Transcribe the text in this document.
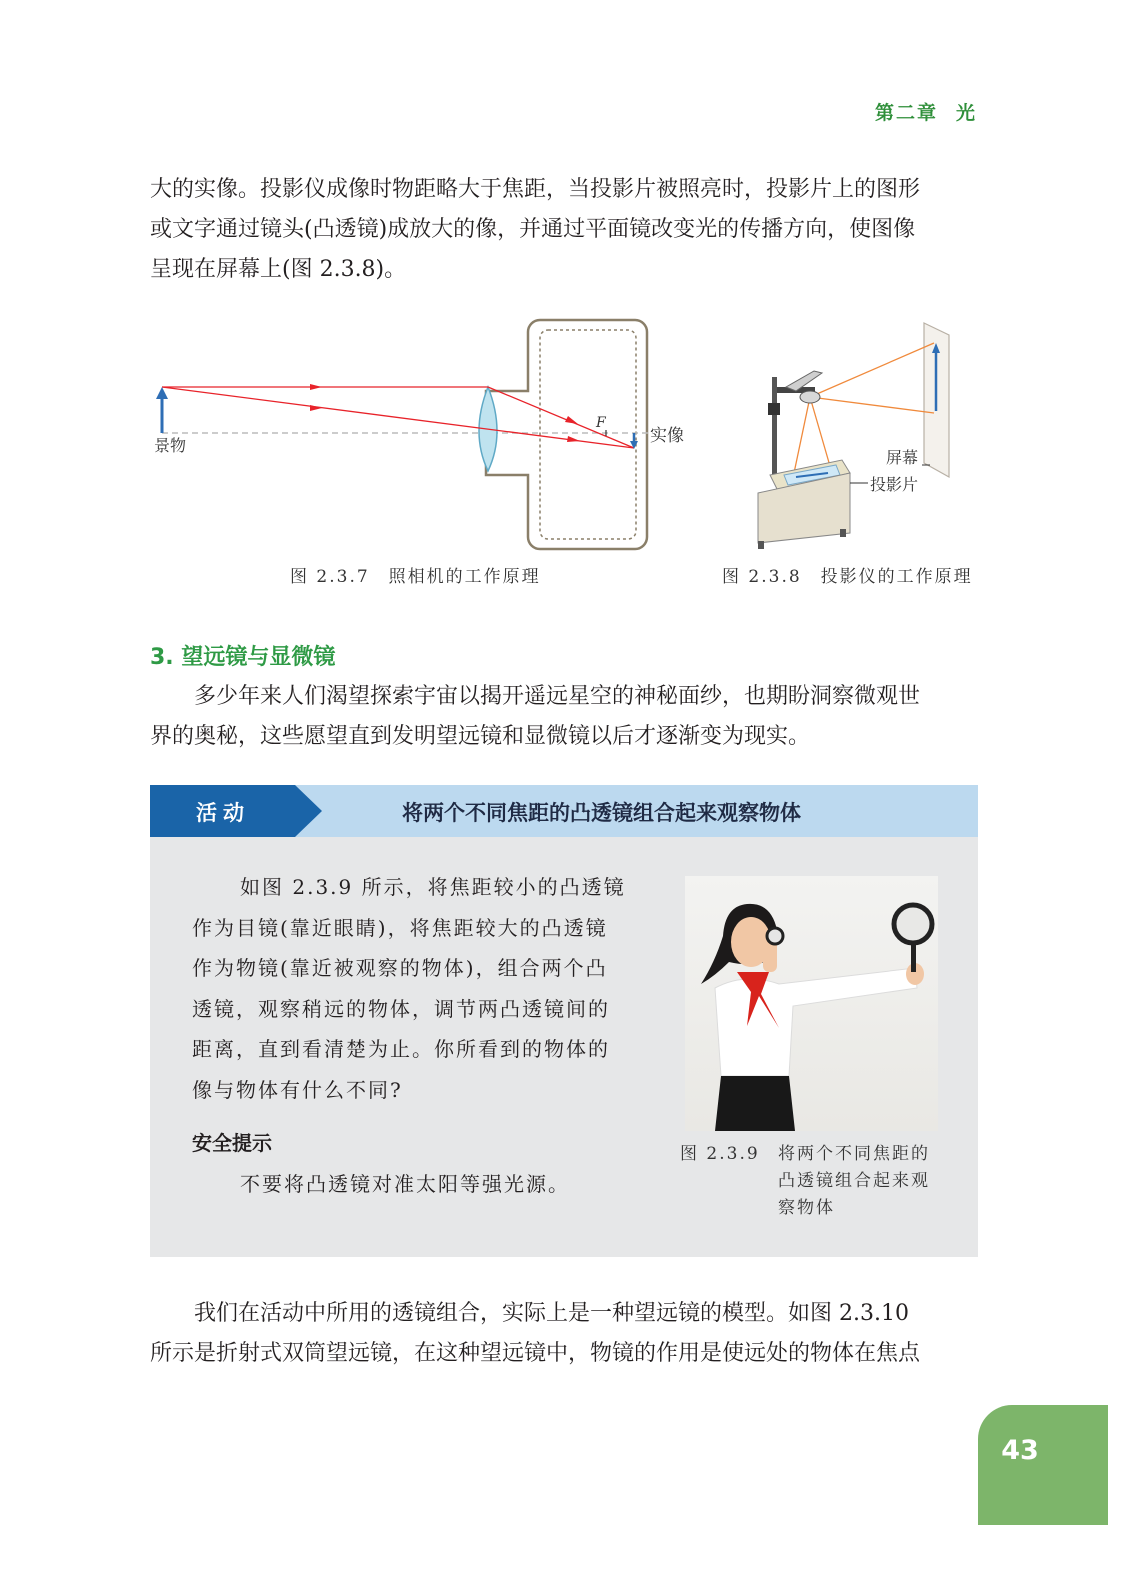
第二章 光
大的实像。投影仪成像时物距略大于焦距，当投影片被照亮时，投影片上的图形
或文字通过镜头(凸透镜)成放大的像，并通过平面镜改变光的传播方向，使图像
呈现在屏幕上(图 2.3.8)。
F
景物	实像
图 2.3.7　照相机的工作原理
屏幕
投影片
图 2.3.8　投影仪的工作原理
3. 望远镜与显微镜
多少年来人们渴望探索宇宙以揭开遥远星空的神秘面纱，也期盼洞察微观世
界的奥秘，这些愿望直到发明望远镜和显微镜以后才逐渐变为现实。
活动	将两个不同焦距的凸透镜组合起来观察物体
如图 2.3.9 所示，将焦距较小的凸透镜
作为目镜(靠近眼睛)，将焦距较大的凸透镜
作为物镜(靠近被观察的物体)，组合两个凸
透镜，观察稍远的物体，调节两凸透镜间的
距离，直到看清楚为止。你所看到的物体的
像与物体有什么不同?
安全提示
不要将凸透镜对准太阳等强光源。
图 2.3.9	将两个不同焦距的
凸透镜组合起来观
察物体
我们在活动中所用的透镜组合，实际上是一种望远镜的模型。如图 2.3.10
所示是折射式双筒望远镜，在这种望远镜中，物镜的作用是使远处的物体在焦点
43
